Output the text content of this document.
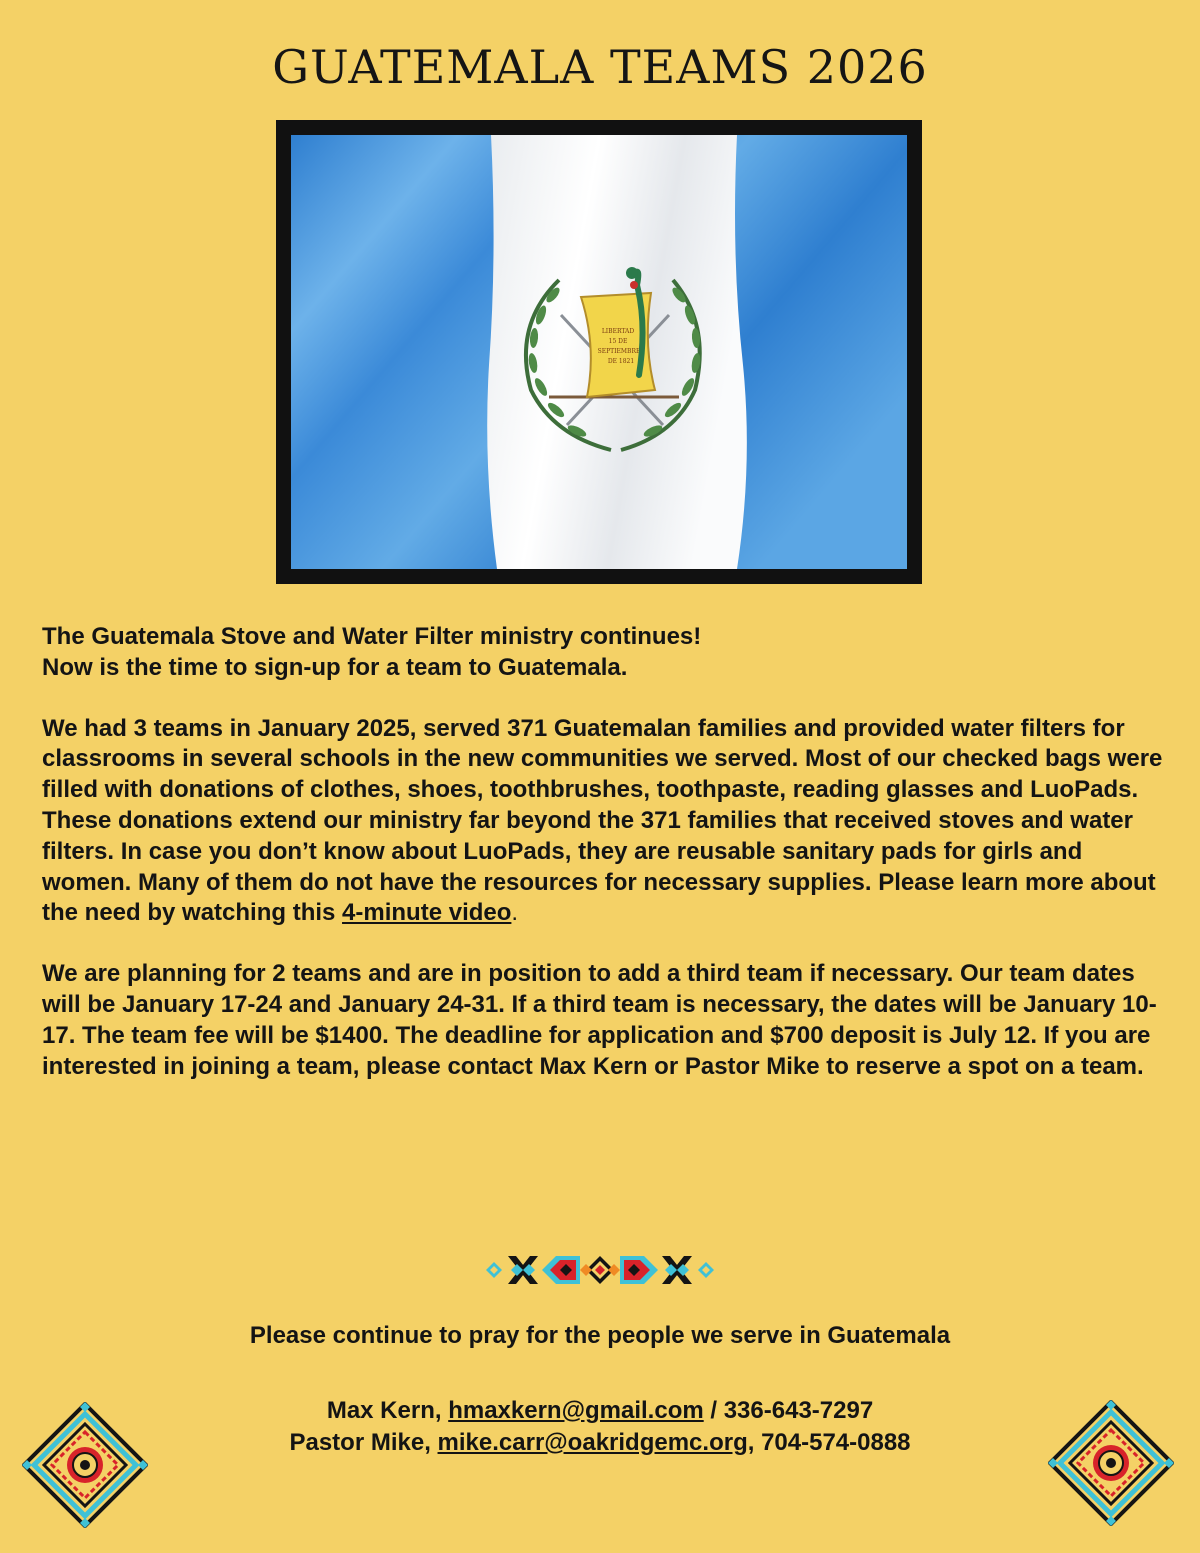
GUATEMALA TEAMS 2026
LIBERTAD
15 DE
SEPTIEMBRE
DE 1821

The Guatemala Stove and Water Filter ministry continues!
Now is the time to sign-up for a team to Guatemala.

We had 3 teams in January 2025, served 371 Guatemalan families and provided water filters for classrooms in several schools in the new communities we served. Most of our checked bags were filled with donations of clothes, shoes, toothbrushes, toothpaste, reading glasses and LuoPads. These donations extend our ministry far beyond the 371 families that received stoves and water filters. In case you don’t know about LuoPads, they are reusable sanitary pads for girls and women. Many of them do not have the resources for necessary supplies. Please learn more about the need by watching this 4-minute video.

We are planning for 2 teams and are in position to add a third team if necessary. Our team dates will be January 17-24 and January 24-31. If a third team is necessary, the dates will be January 10-17. The team fee will be $1400. The deadline for application and $700 deposit is July 12. If you are interested in joining a team, please contact Max Kern or Pastor Mike to reserve a spot on a team.

Please continue to pray for the people we serve in Guatemala
Max Kern, hmaxkern@gmail.com / 336-643-7297
Pastor Mike, mike.carr@oakridgemc.org, 704-574-0888
